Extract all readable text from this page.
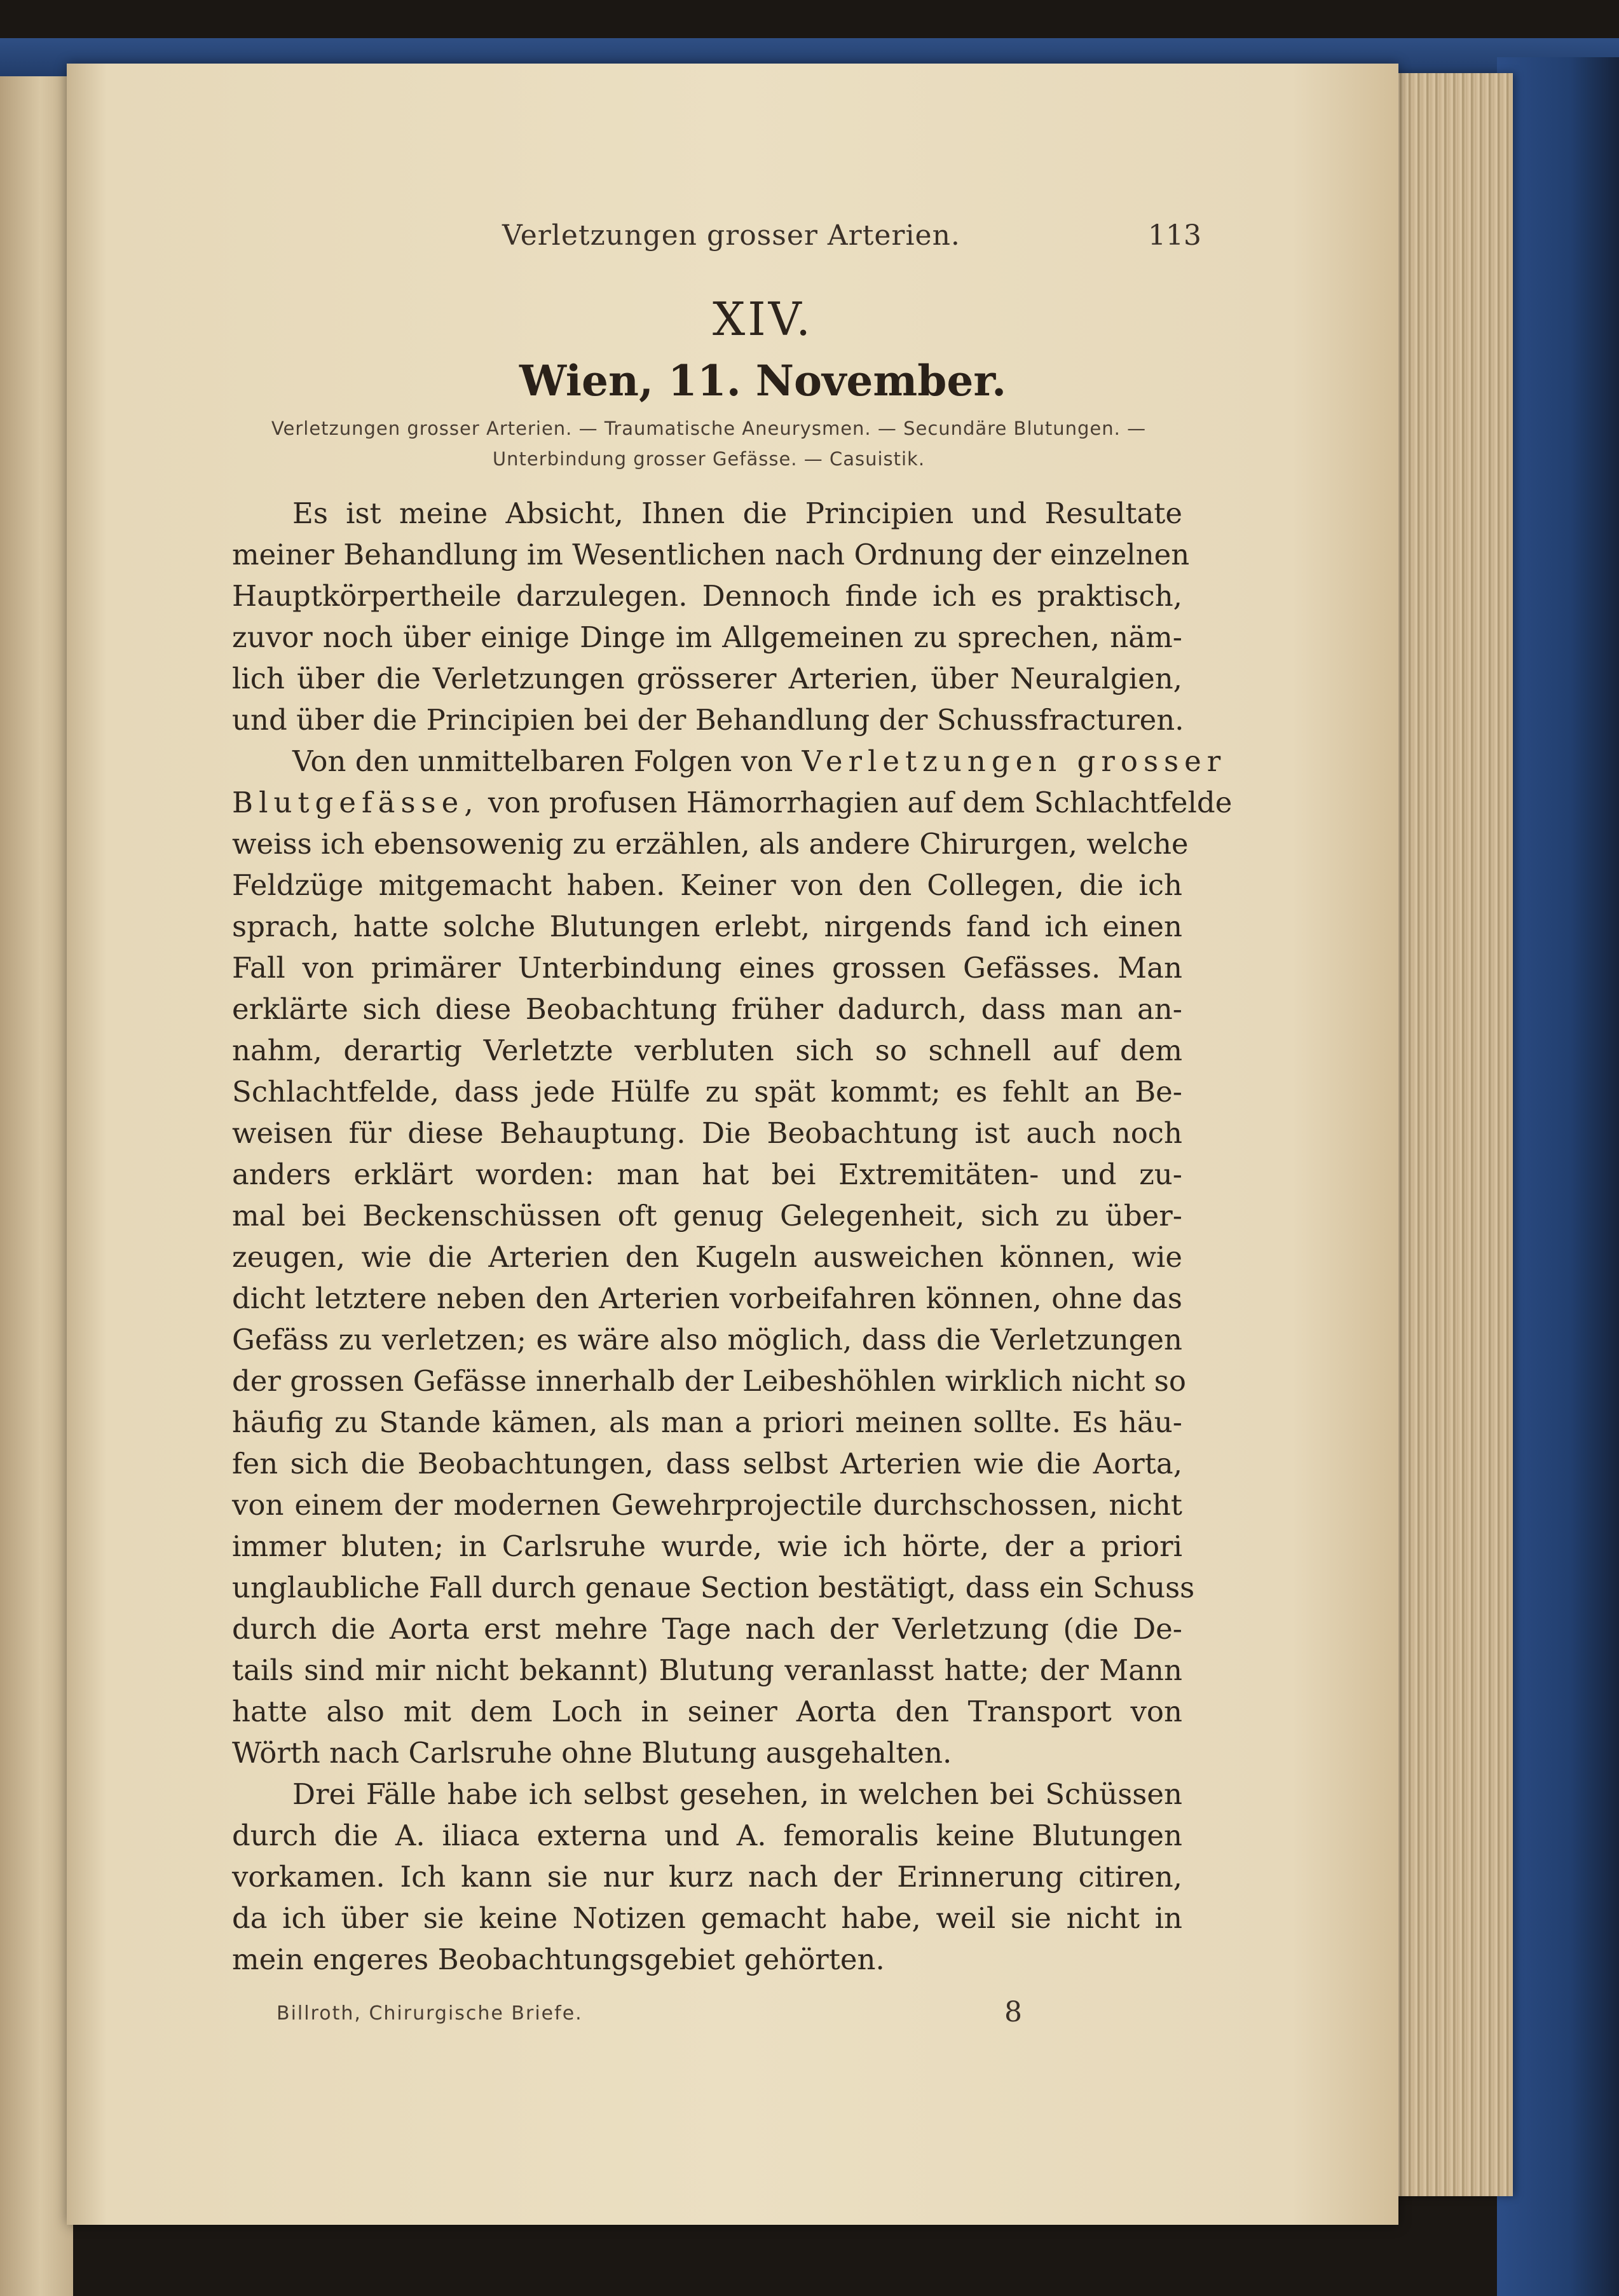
Verletzungen grosser Arterien.	113
XIV.
Wien, 11. November.
Verletzungen grosser Arterien. — Traumatische Aneurysmen. — Secundäre Blutungen. —
Unterbindung grosser Gefässe. — Casuistik.
Es ist meine Absicht, Ihnen die Principien und Resultate
meiner Behandlung im Wesentlichen nach Ordnung der einzelnen
Hauptkörpertheile darzulegen. Dennoch finde ich es praktisch,
zuvor noch über einige Dinge im Allgemeinen zu sprechen, näm-
lich über die Verletzungen grösserer Arterien, über Neuralgien,
und über die Principien bei der Behandlung der Schussfracturen.
Von den unmittelbaren Folgen von Verletzungen grosser
Blutgefässe, von profusen Hämorrhagien auf dem Schlachtfelde
weiss ich ebensowenig zu erzählen, als andere Chirurgen, welche
Feldzüge mitgemacht haben. Keiner von den Collegen, die ich
sprach, hatte solche Blutungen erlebt, nirgends fand ich einen
Fall von primärer Unterbindung eines grossen Gefässes. Man
erklärte sich diese Beobachtung früher dadurch, dass man an-
nahm, derartig Verletzte verbluten sich so schnell auf dem
Schlachtfelde, dass jede Hülfe zu spät kommt; es fehlt an Be-
weisen für diese Behauptung. Die Beobachtung ist auch noch
anders erklärt worden: man hat bei Extremitäten- und zu-
mal bei Beckenschüssen oft genug Gelegenheit, sich zu über-
zeugen, wie die Arterien den Kugeln ausweichen können, wie
dicht letztere neben den Arterien vorbeifahren können, ohne das
Gefäss zu verletzen; es wäre also möglich, dass die Verletzungen
der grossen Gefässe innerhalb der Leibeshöhlen wirklich nicht so
häufig zu Stande kämen, als man a priori meinen sollte. Es häu-
fen sich die Beobachtungen, dass selbst Arterien wie die Aorta,
von einem der modernen Gewehrprojectile durchschossen, nicht
immer bluten; in Carlsruhe wurde, wie ich hörte, der a priori
unglaubliche Fall durch genaue Section bestätigt, dass ein Schuss
durch die Aorta erst mehre Tage nach der Verletzung (die De-
tails sind mir nicht bekannt) Blutung veranlasst hatte; der Mann
hatte also mit dem Loch in seiner Aorta den Transport von
Wörth nach Carlsruhe ohne Blutung ausgehalten.
Drei Fälle habe ich selbst gesehen, in welchen bei Schüssen
durch die A. iliaca externa und A. femoralis keine Blutungen
vorkamen. Ich kann sie nur kurz nach der Erinnerung citiren,
da ich über sie keine Notizen gemacht habe, weil sie nicht in
mein engeres Beobachtungsgebiet gehörten.
Billroth, Chirurgische Briefe.	8
